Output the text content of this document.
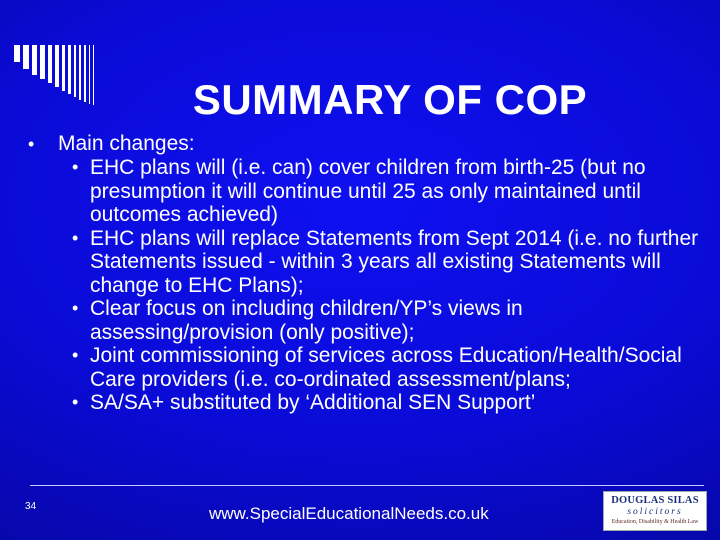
SUMMARY OF COP
• Main changes:
• EHC plans will (i.e. can) cover children from birth-25 (but no presumption it will continue until 25 as only maintained until outcomes achieved)
• EHC plans will replace Statements from Sept 2014 (i.e. no further Statements issued - within 3 years all existing Statements will change to EHC Plans);
• Clear focus on including children/YP’s views in assessing/provision (only positive);
• Joint commissioning of services across Education/Health/Social Care providers (i.e. co-ordinated assessment/plans;
• SA/SA+ substituted by ‘Additional SEN Support’
34	www.SpecialEducationalNeeds.co.uk
DOUGLAS SILAS
solicitors
Education, Disability & Health Law
